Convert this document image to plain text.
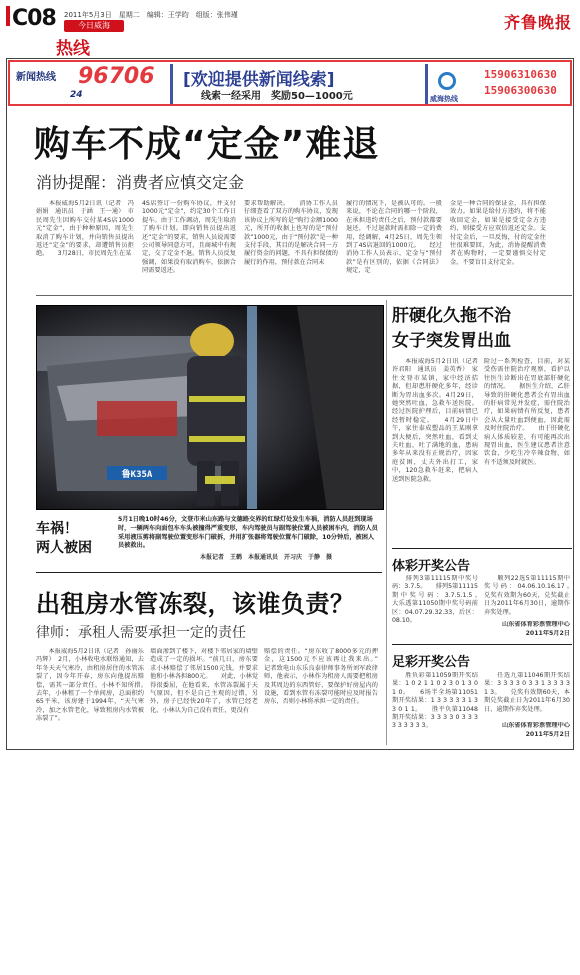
C08 2011年5月3日　星期二　编辑：王学昀　组版：张伟瑾
今日威海
热线
齐鲁晚报
新闻热线 96706
24
[欢迎提供新闻线索]
线索一经采用　奖励50—1000元	威海热线
15906310630
15906300630
购车不成“定金”难退
消协提醒：消费者应慎交定金
　　本报威海5月2日讯（记者　冯娟娟　通讯员　于涵　王一通）　市民周先生因购车交付某4S店1000元“定金”，由于种种原因，周先生取消了购车计划，并向销售员提出返还“定金”的要求，却遭销售员拒绝。　　3月28日，市民周先生在某
4S店签订一份购车协议，并支付1000元“定金”，约定30个工作日提车。由于工作调动，周先生取消了购车计划。即向销售员提出返还“定金”的要求，销售人员说需要公司领导同意方可，且商城中有规定，交了定金不退。销售人员反复强调，如果没有取消购车，依据合同需要返还。
要求帮助解决。　　消协工作人员仔细查看了双方的购车协议，发现该协议上所写的是“购行金额1000元，所开的收据上也写的是“预付款”1000元，由于“预付款”是一种支付手段，其目的是解决合同一方履行资金的问题，不具有担保债的履行的作用，预付款在合同未
履行的情况下，是被认可的。一般来说，不论在合同的哪一个阶段，在承担违约责任之后，预付款都要退还，不过退款时需扣除一定的费用，经调解，4月25日，周先生领到了4S店退回的1000元。　　经过消协工作人员表示，定金与“预付款”是有区别的，依据《合同法》规定，定
金是一种合同的保证金，具有担保效力。如果是给付方违约，将不能收回定金，如果是接受定金方违约，则接受方应双倍返还定金。支付定金后，一旦反悔，付的定金往往很难要回，为此，消协提醒消费者在购物时，一定要谨慎交付定金，不要盲目支付定金。
鲁K35A
车祸！
两人被困
5月1日晚10时46分，文登市米山东路与文德路交界的红绿灯处发生车祸，消防人员赶到现场时，一辆两车向面包车车头被撞得严重变形，车内驾驶员与副驾驶位置人员被困车内，消防人员采用液压剪将副驾驶位置变形车门破拆，并用扩张器将驾驶位置车门破除，10分钟后，被困人员被救出。
本报记者　王鹤　本报通讯员　开习庆　于静　摄
肝硬化久拖不治
女子突发胃出血
　　本报威海5月2日讯（记者　许君阳　通讯员　姜英香）　家住文登市某镇，家中经济拮据，但却患肝硬化多年，经诊断为胃出血多次。4月29日，她突然吐血，急救车送医院。经过医院护理后，目前病情已经暂时稳定。　　4月29日中午，家住泰成塑品的王某刚拿到大便后，突然吐血，看到丈夫吐血，吐了满地的血，患病多年从来没有正规治疗，因家庭贫困，丈夫外出打工，家中，120急救车赶来，把病人送到医院急救。
险过一系列检查，目前，对某受伤需住院治疗观察，看护以往医生诊断出在胃底部肝硬化的情况。　　据医生介绍，乙肝导致的肝硬化患者会有胃出血的肝病常见并发症，需住院治疗，如果病情有所反复，患者会从大量吐血到便血，因此需及时住院治疗。　　由于肝硬化病人体质较差，有可能再次出现胃出血，医生建议患者注意饮食，少吃生冷辛辣食物，如有不适须及时就医。
体彩开奖公告
　　排列3第11115期中奖号码：3.7.5。　　排列5第11115期中奖号码：3.7.5.1.5。　　大乐透第11050期中奖号码前区：04.07.29.32.33，后区：08.10。
　　顺列22选5第11115期中奖号码：04.06.10.16.17。　　兑奖有效期为60天，兑奖截止日为2011年6月30日，逾期作弃奖处理。
山东省体育彩票管理中心
2011年5月2日
足彩开奖公告
　　胜负彩第11059期开奖结果：1 0 2 1 1 0 2 3 0 1 3 0 1 0。　　6场半全场第11051期开奖结果：1 3 3 3 3 3 1 3 3 0 1 1。　　胜平负第11048期开奖结果：3 3 3 3 0 3 3 3 3 3 3 3 3 3。
　　任选九第11046期开奖结果：3 3 3 3 0 3 3 1 3 3 3 3 1 3。　　兑奖有效期60天，本期兑奖截止日为2011年6月30日，逾期作弃奖处理。
山东省体育彩票管理中心
2011年5月2日
出租房水管冻裂，该谁负责？
律师：承租人需要承担一定的责任
　　本报威海5月2日讯（记者　孙丽乐　冯辉）　2月，小林收电水联络通知，去年冬天天气寒冷，由租房居住的水管冻裂了，因今年开春，房东向他提出赔偿，需其一部分责任，小林不知所措。　　去年，小林租了一个单间房，总面积约65平米，该房建于1994年，“天气寒冷，加之水管老化，导致租房内水管被冻裂了”。
墙面渗到了楼下，对楼下邻居家的墙壁造成了一定的损坏。“前几日，房东要求小林赔偿了邻居1500元钱，并要求他和小林各担800元。　　对此，小林觉得很委屈，在他看来，水管冻裂属于天气原因，但不是自己主观的过错，另外，房子已经快20年了，水管已经老化，小林认为自己没有责任，更没有
赔偿的责任。“房东收了8000多元的押金，这1500元不应该再让我来出。”　　记者致电山东乐良泰律师事务所刘军政律师，他表示，小林作为租房人需要把租房及其周边的东西管好，要保护好房屋内的设施，看到水管有冻裂可能时应及时报告房东，否则小林将承担一定的责任。
